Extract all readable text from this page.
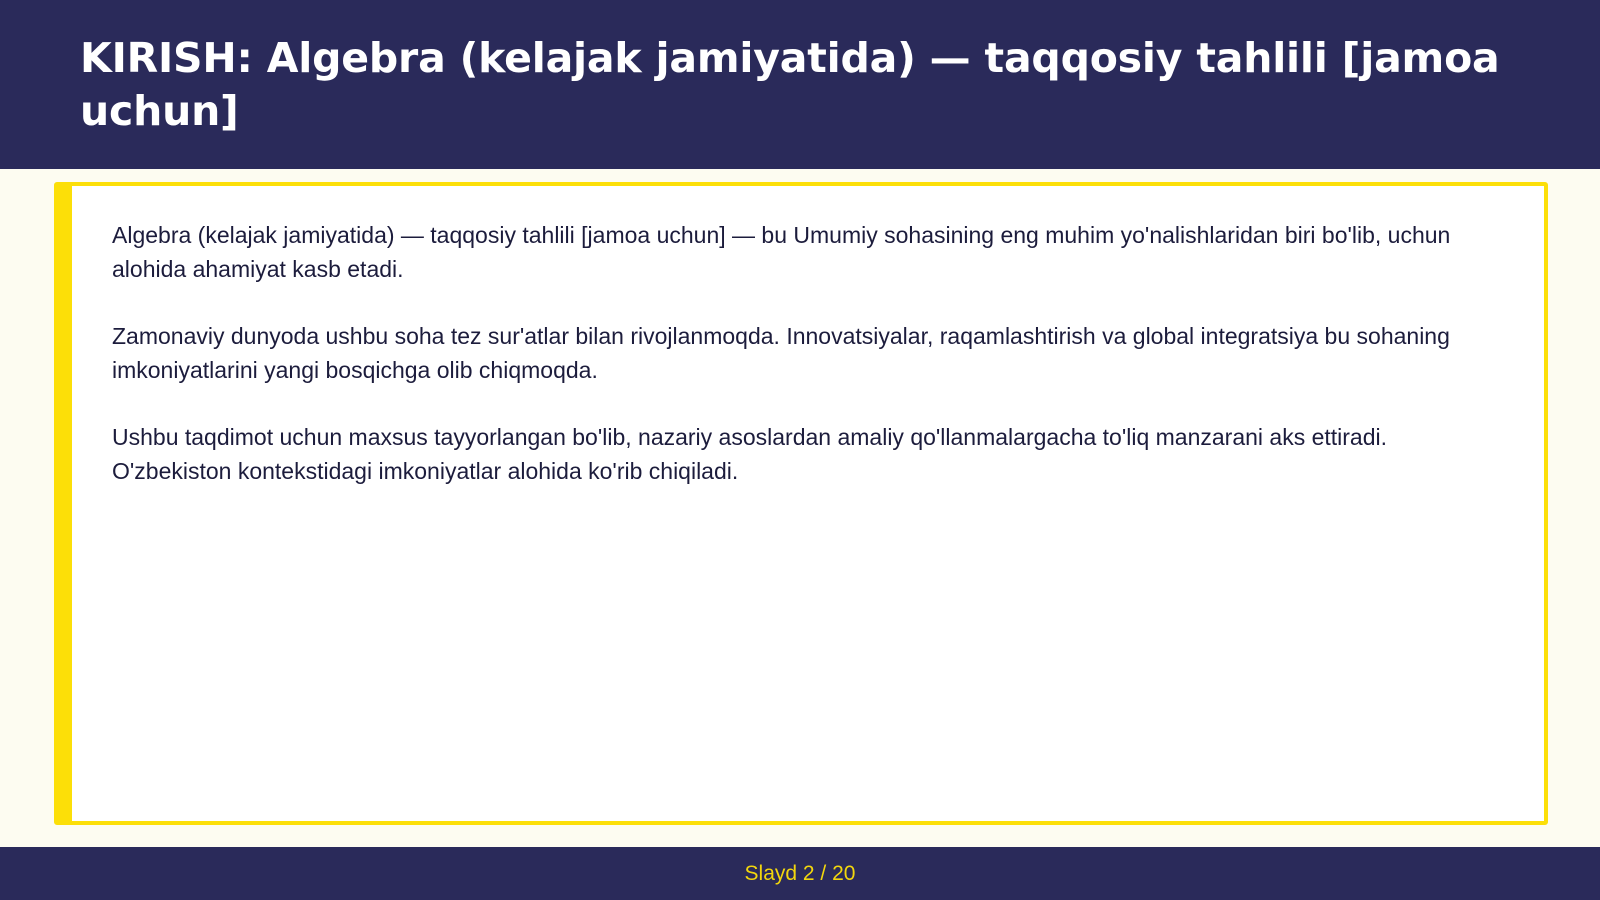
KIRISH: Algebra (kelajak jamiyatida) — taqqosiy tahlili [jamoa uchun]

Algebra (kelajak jamiyatida) — taqqosiy tahlili [jamoa uchun] — bu Umumiy sohasining eng muhim yo'nalishlaridan biri bo'lib, uchun alohida ahamiyat kasb etadi.

Zamonaviy dunyoda ushbu soha tez sur'atlar bilan rivojlanmoqda. Innovatsiyalar, raqamlashtirish va global integratsiya bu sohaning imkoniyatlarini yangi bosqichga olib chiqmoqda.

Ushbu taqdimot uchun maxsus tayyorlangan bo'lib, nazariy asoslardan amaliy qo'llanmalargacha to'liq manzarani aks ettiradi. O'zbekiston kontekstidagi imkoniyatlar alohida ko'rib chiqiladi.

Slayd 2 / 20
